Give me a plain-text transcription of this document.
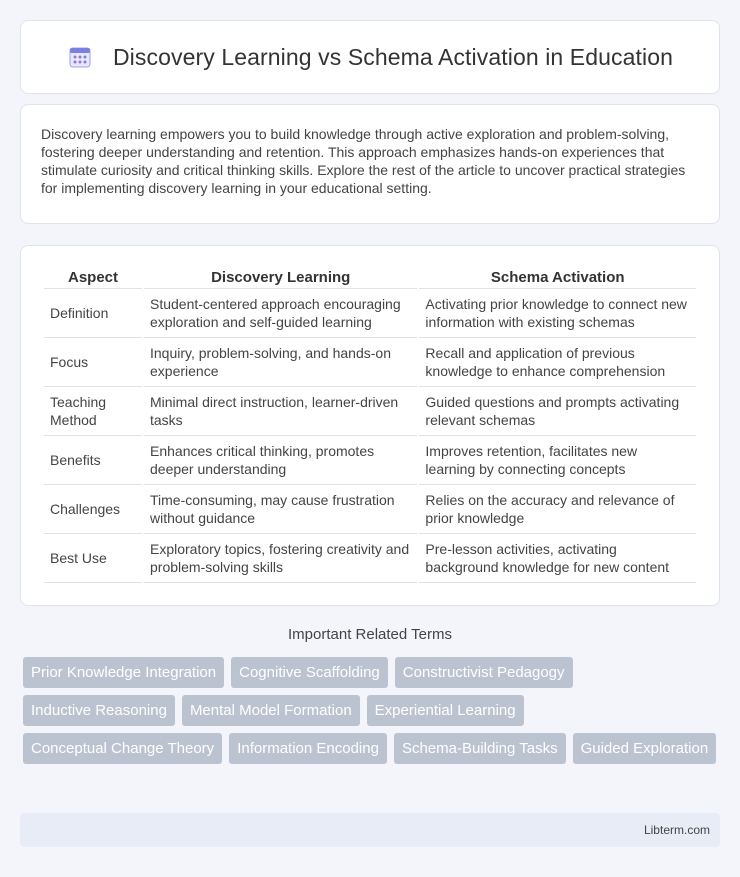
Discovery Learning vs Schema Activation in Education

Discovery learning empowers you to build knowledge through active exploration and problem-solving, fostering deeper understanding and retention. This approach emphasizes hands-on experiences that stimulate curiosity and critical thinking skills. Explore the rest of the article to uncover practical strategies for implementing discovery learning in your educational setting.

Aspect	Discovery Learning	Schema Activation
Definition	Student-centered approach encouraging exploration and self-guided learning	Activating prior knowledge to connect new information with existing schemas
Focus	Inquiry, problem-solving, and hands-on experience	Recall and application of previous knowledge to enhance comprehension
Teaching Method	Minimal direct instruction, learner-driven tasks	Guided questions and prompts activating relevant schemas
Benefits	Enhances critical thinking, promotes deeper understanding	Improves retention, facilitates new learning by connecting concepts
Challenges	Time-consuming, may cause frustration without guidance	Relies on the accuracy and relevance of prior knowledge
Best Use	Exploratory topics, fostering creativity and problem-solving skills	Pre-lesson activities, activating background knowledge for new content
Important Related Terms
Prior Knowledge Integration	Cognitive Scaffolding	Constructivist Pedagogy
Inductive Reasoning	Mental Model Formation	Experiential Learning
Conceptual Change Theory	Information Encoding	Schema-Building Tasks	Guided Exploration
Libterm.com
